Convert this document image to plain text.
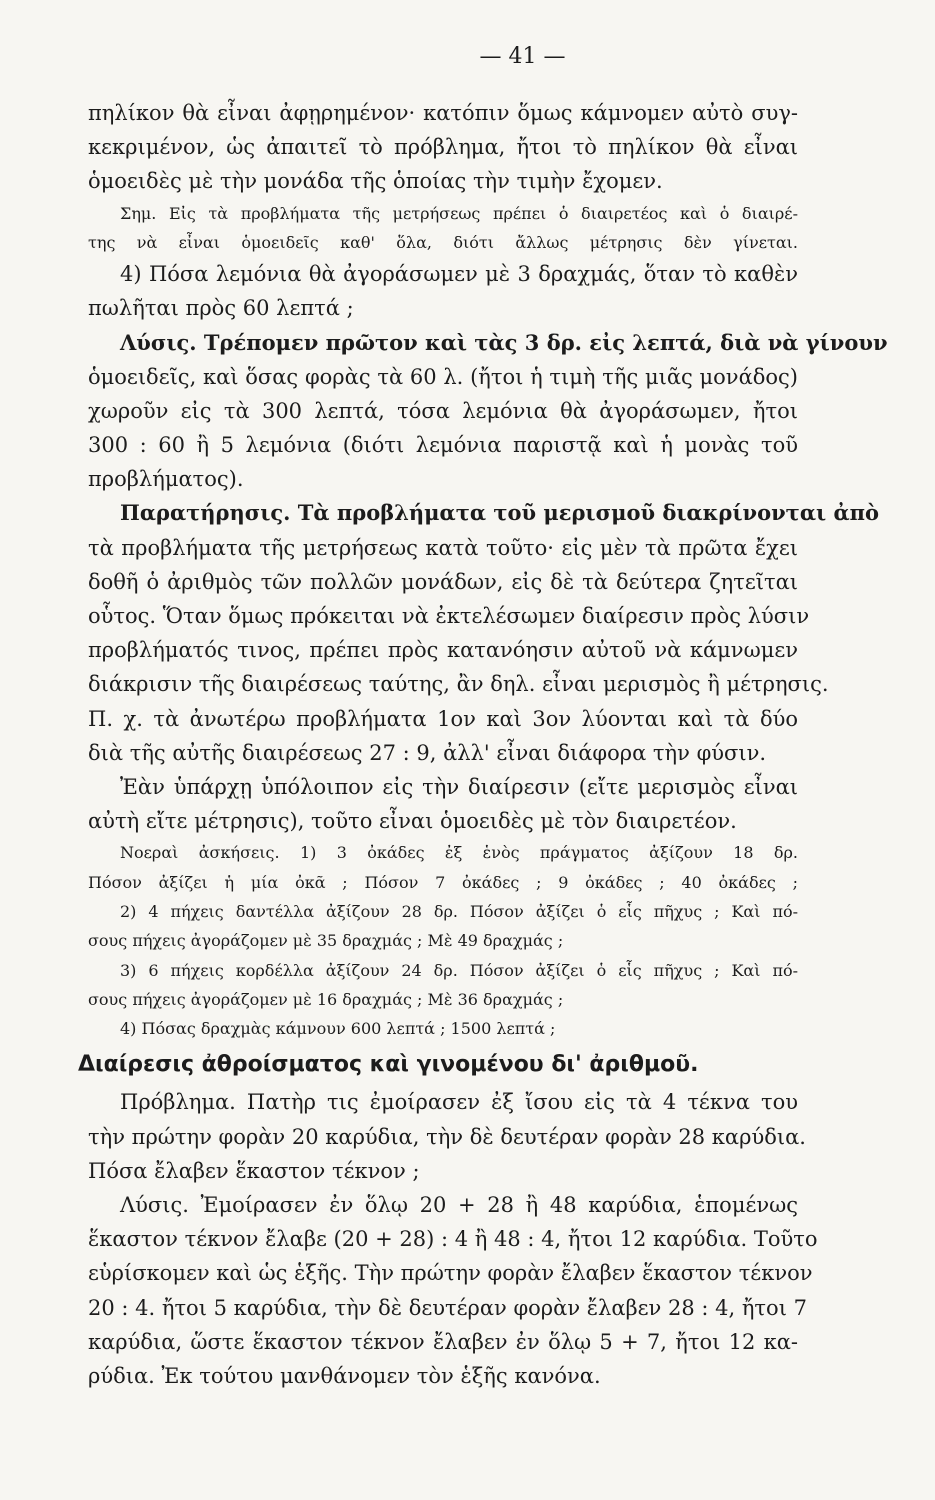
— 41 —
πηλίκον θὰ εἶναι ἀφῃρημένον· κατόπιν ὅμως κάμνομεν αὐτὸ συγ-
κεκριμένον, ὡς ἀπαιτεῖ τὸ πρόβλημα, ἤτοι τὸ πηλίκον θὰ εἶναι
ὁμοειδὲς μὲ τὴν μονάδα τῆς ὁποίας τὴν τιμὴν ἔχομεν.
Σημ. Εἰς τὰ προβλήματα τῆς μετρήσεως πρέπει ὁ διαιρετέος καὶ ὁ διαιρέ-
της νὰ εἶναι ὁμοειδεῖς καθ' ὅλα, διότι ἄλλως μέτρησις δὲν γίνεται.
4) Πόσα λεμόνια θὰ ἀγοράσωμεν μὲ 3 δραχμάς, ὅταν τὸ καθὲν
πωλῆται πρὸς 60 λεπτά ;
Λύσις. Τρέπομεν πρῶτον καὶ τὰς 3 δρ. εἰς λεπτά, διὰ νὰ γίνουν
ὁμοειδεῖς, καὶ ὅσας φορὰς τὰ 60 λ. (ἤτοι ἡ τιμὴ τῆς μιᾶς μονάδος)
χωροῦν εἰς τὰ 300 λεπτά, τόσα λεμόνια θὰ ἀγοράσωμεν, ἤτοι
300 : 60 ἢ 5 λεμόνια (διότι λεμόνια παριστᾷ καὶ ἡ μονὰς τοῦ
προβλήματος).
Παρατήρησις. Τὰ προβλήματα τοῦ μερισμοῦ διακρίνονται ἀπὸ
τὰ προβλήματα τῆς μετρήσεως κατὰ τοῦτο· εἰς μὲν τὰ πρῶτα ἔχει
δοθῆ ὁ ἀριθμὸς τῶν πολλῶν μονάδων, εἰς δὲ τὰ δεύτερα ζητεῖται
οὗτος. Ὅταν ὅμως πρόκειται νὰ ἐκτελέσωμεν διαίρεσιν πρὸς λύσιν
προβλήματός τινος, πρέπει πρὸς κατανόησιν αὐτοῦ νὰ κάμνωμεν
διάκρισιν τῆς διαιρέσεως ταύτης, ἂν δηλ. εἶναι μερισμὸς ἢ μέτρησις.
Π. χ. τὰ ἀνωτέρω προβλήματα 1ον καὶ 3ον λύονται καὶ τὰ δύο
διὰ τῆς αὐτῆς διαιρέσεως 27 : 9, ἀλλ' εἶναι διάφορα τὴν φύσιν.
Ἐὰν ὑπάρχῃ ὑπόλοιπον εἰς τὴν διαίρεσιν (εἴτε μερισμὸς εἶναι
αὐτὴ εἴτε μέτρησις), τοῦτο εἶναι ὁμοειδὲς μὲ τὸν διαιρετέον.
Νοεραὶ ἀσκήσεις. 1) 3 ὀκάδες ἐξ ἑνὸς πράγματος ἀξίζουν 18 δρ.
Πόσον ἀξίζει ἡ μία ὀκᾶ ; Πόσον 7 ὀκάδες ; 9 ὀκάδες ; 40 ὀκάδες ;
2) 4 πήχεις δαντέλλα ἀξίζουν 28 δρ. Πόσον ἀξίζει ὁ εἷς πῆχυς ; Καὶ πό-
σους πήχεις ἀγοράζομεν μὲ 35 δραχμάς ; Μὲ 49 δραχμάς ;
3) 6 πήχεις κορδέλλα ἀξίζουν 24 δρ. Πόσον ἀξίζει ὁ εἷς πῆχυς ; Καὶ πό-
σους πήχεις ἀγοράζομεν μὲ 16 δραχμάς ; Μὲ 36 δραχμάς ;
4) Πόσας δραχμὰς κάμνουν 600 λεπτά ; 1500 λεπτά ;
Διαίρεσις ἀθροίσματος καὶ γινομένου δι' ἀριθμοῦ.
Πρόβλημα. Πατὴρ τις ἐμοίρασεν ἐξ ἴσου εἰς τὰ 4 τέκνα του
τὴν πρώτην φορὰν 20 καρύδια, τὴν δὲ δευτέραν φορὰν 28 καρύδια.
Πόσα ἔλαβεν ἕκαστον τέκνον ;
Λύσις. Ἐμοίρασεν ἐν ὅλῳ 20 + 28 ἢ 48 καρύδια, ἑπομένως
ἕκαστον τέκνον ἔλαβε (20 + 28) : 4 ἢ 48 : 4, ἤτοι 12 καρύδια. Τοῦτο
εὑρίσκομεν καὶ ὡς ἑξῆς. Τὴν πρώτην φορὰν ἔλαβεν ἕκαστον τέκνον
20 : 4. ἤτοι 5 καρύδια, τὴν δὲ δευτέραν φορὰν ἔλαβεν 28 : 4, ἤτοι 7
καρύδια, ὥστε ἕκαστον τέκνον ἔλαβεν ἐν ὅλῳ 5 + 7, ἤτοι 12 κα-
ρύδια. Ἐκ τούτου μανθάνομεν τὸν ἑξῆς κανόνα.
